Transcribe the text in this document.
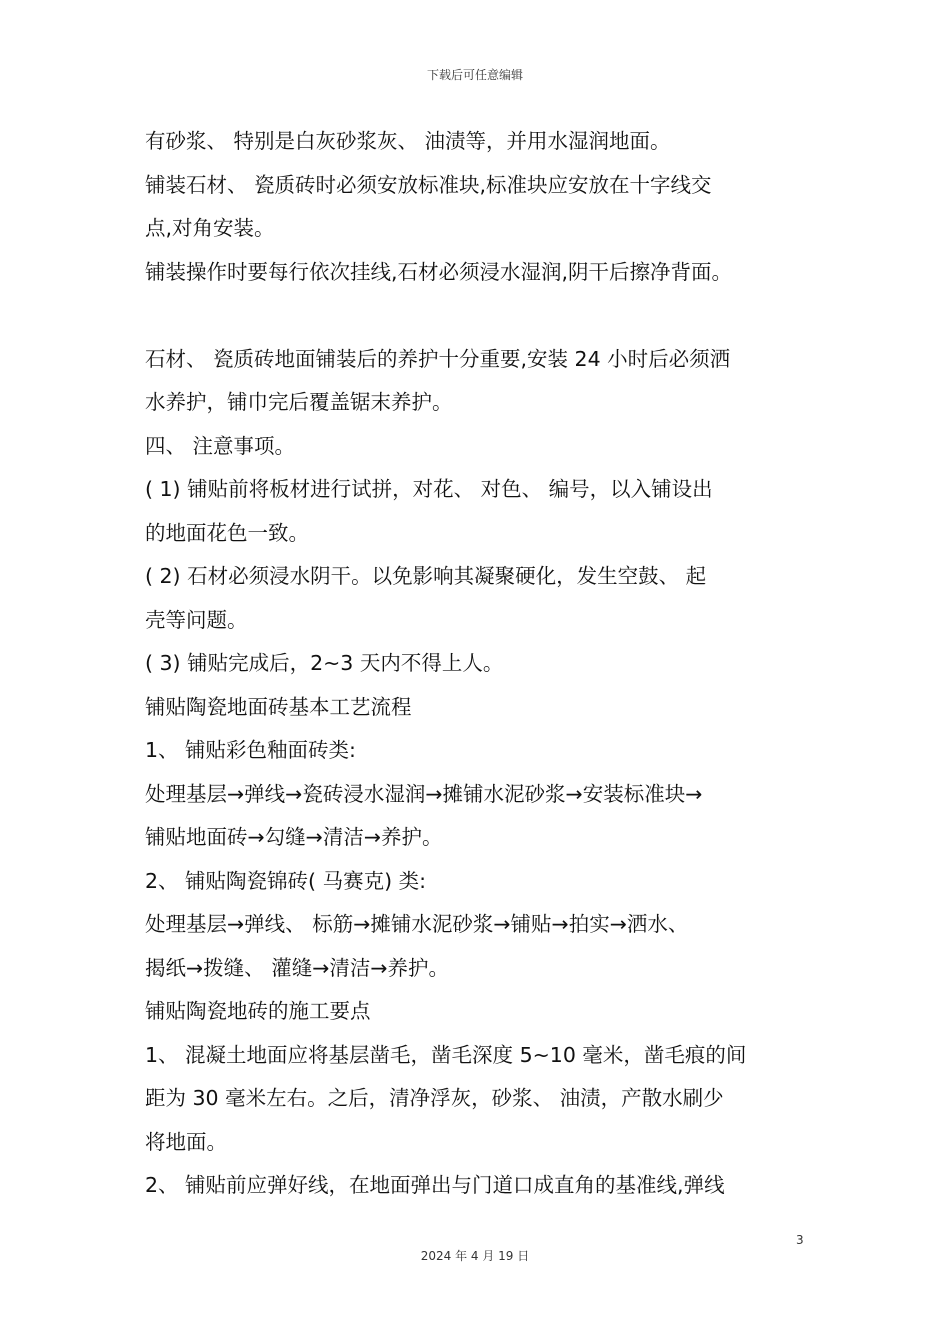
下载后可任意编辑
有砂浆、 特别是白灰砂浆灰、 油渍等，并用水湿润地面。
铺装石材、 瓷质砖时必须安放标准块,标准块应安放在十字线交
点,对角安装。
铺装操作时要每行依次挂线,石材必须浸水湿润,阴干后擦净背面。
石材、 瓷质砖地面铺装后的养护十分重要,安装 24 小时后必须洒
水养护，铺巾完后覆盖锯末养护。
四、 注意事项。
( 1) 铺贴前将板材进行试拼，对花、 对色、 编号，以入铺设出
的地面花色一致。
( 2) 石材必须浸水阴干。以免影响其凝聚硬化，发生空鼓、 起
壳等问题。
( 3) 铺贴完成后，2~3 天内不得上人。
铺贴陶瓷地面砖基本工艺流程
1、 铺贴彩色釉面砖类:
处理基层→弹线→瓷砖浸水湿润→摊铺水泥砂浆→安装标准块→
铺贴地面砖→勾缝→清洁→养护。
2、 铺贴陶瓷锦砖( 马赛克) 类:
处理基层→弹线、 标筋→摊铺水泥砂浆→铺贴→拍实→洒水、
揭纸→拨缝、 灌缝→清洁→养护。
铺贴陶瓷地砖的施工要点
1、 混凝土地面应将基层凿毛，凿毛深度 5~10 毫米，凿毛痕的间
距为 30 毫米左右。之后，清净浮灰，砂浆、 油渍，产散水刷少
将地面。
2、 铺贴前应弹好线，在地面弹出与门道口成直角的基准线,弹线
3
2024 年 4 月 19 日
